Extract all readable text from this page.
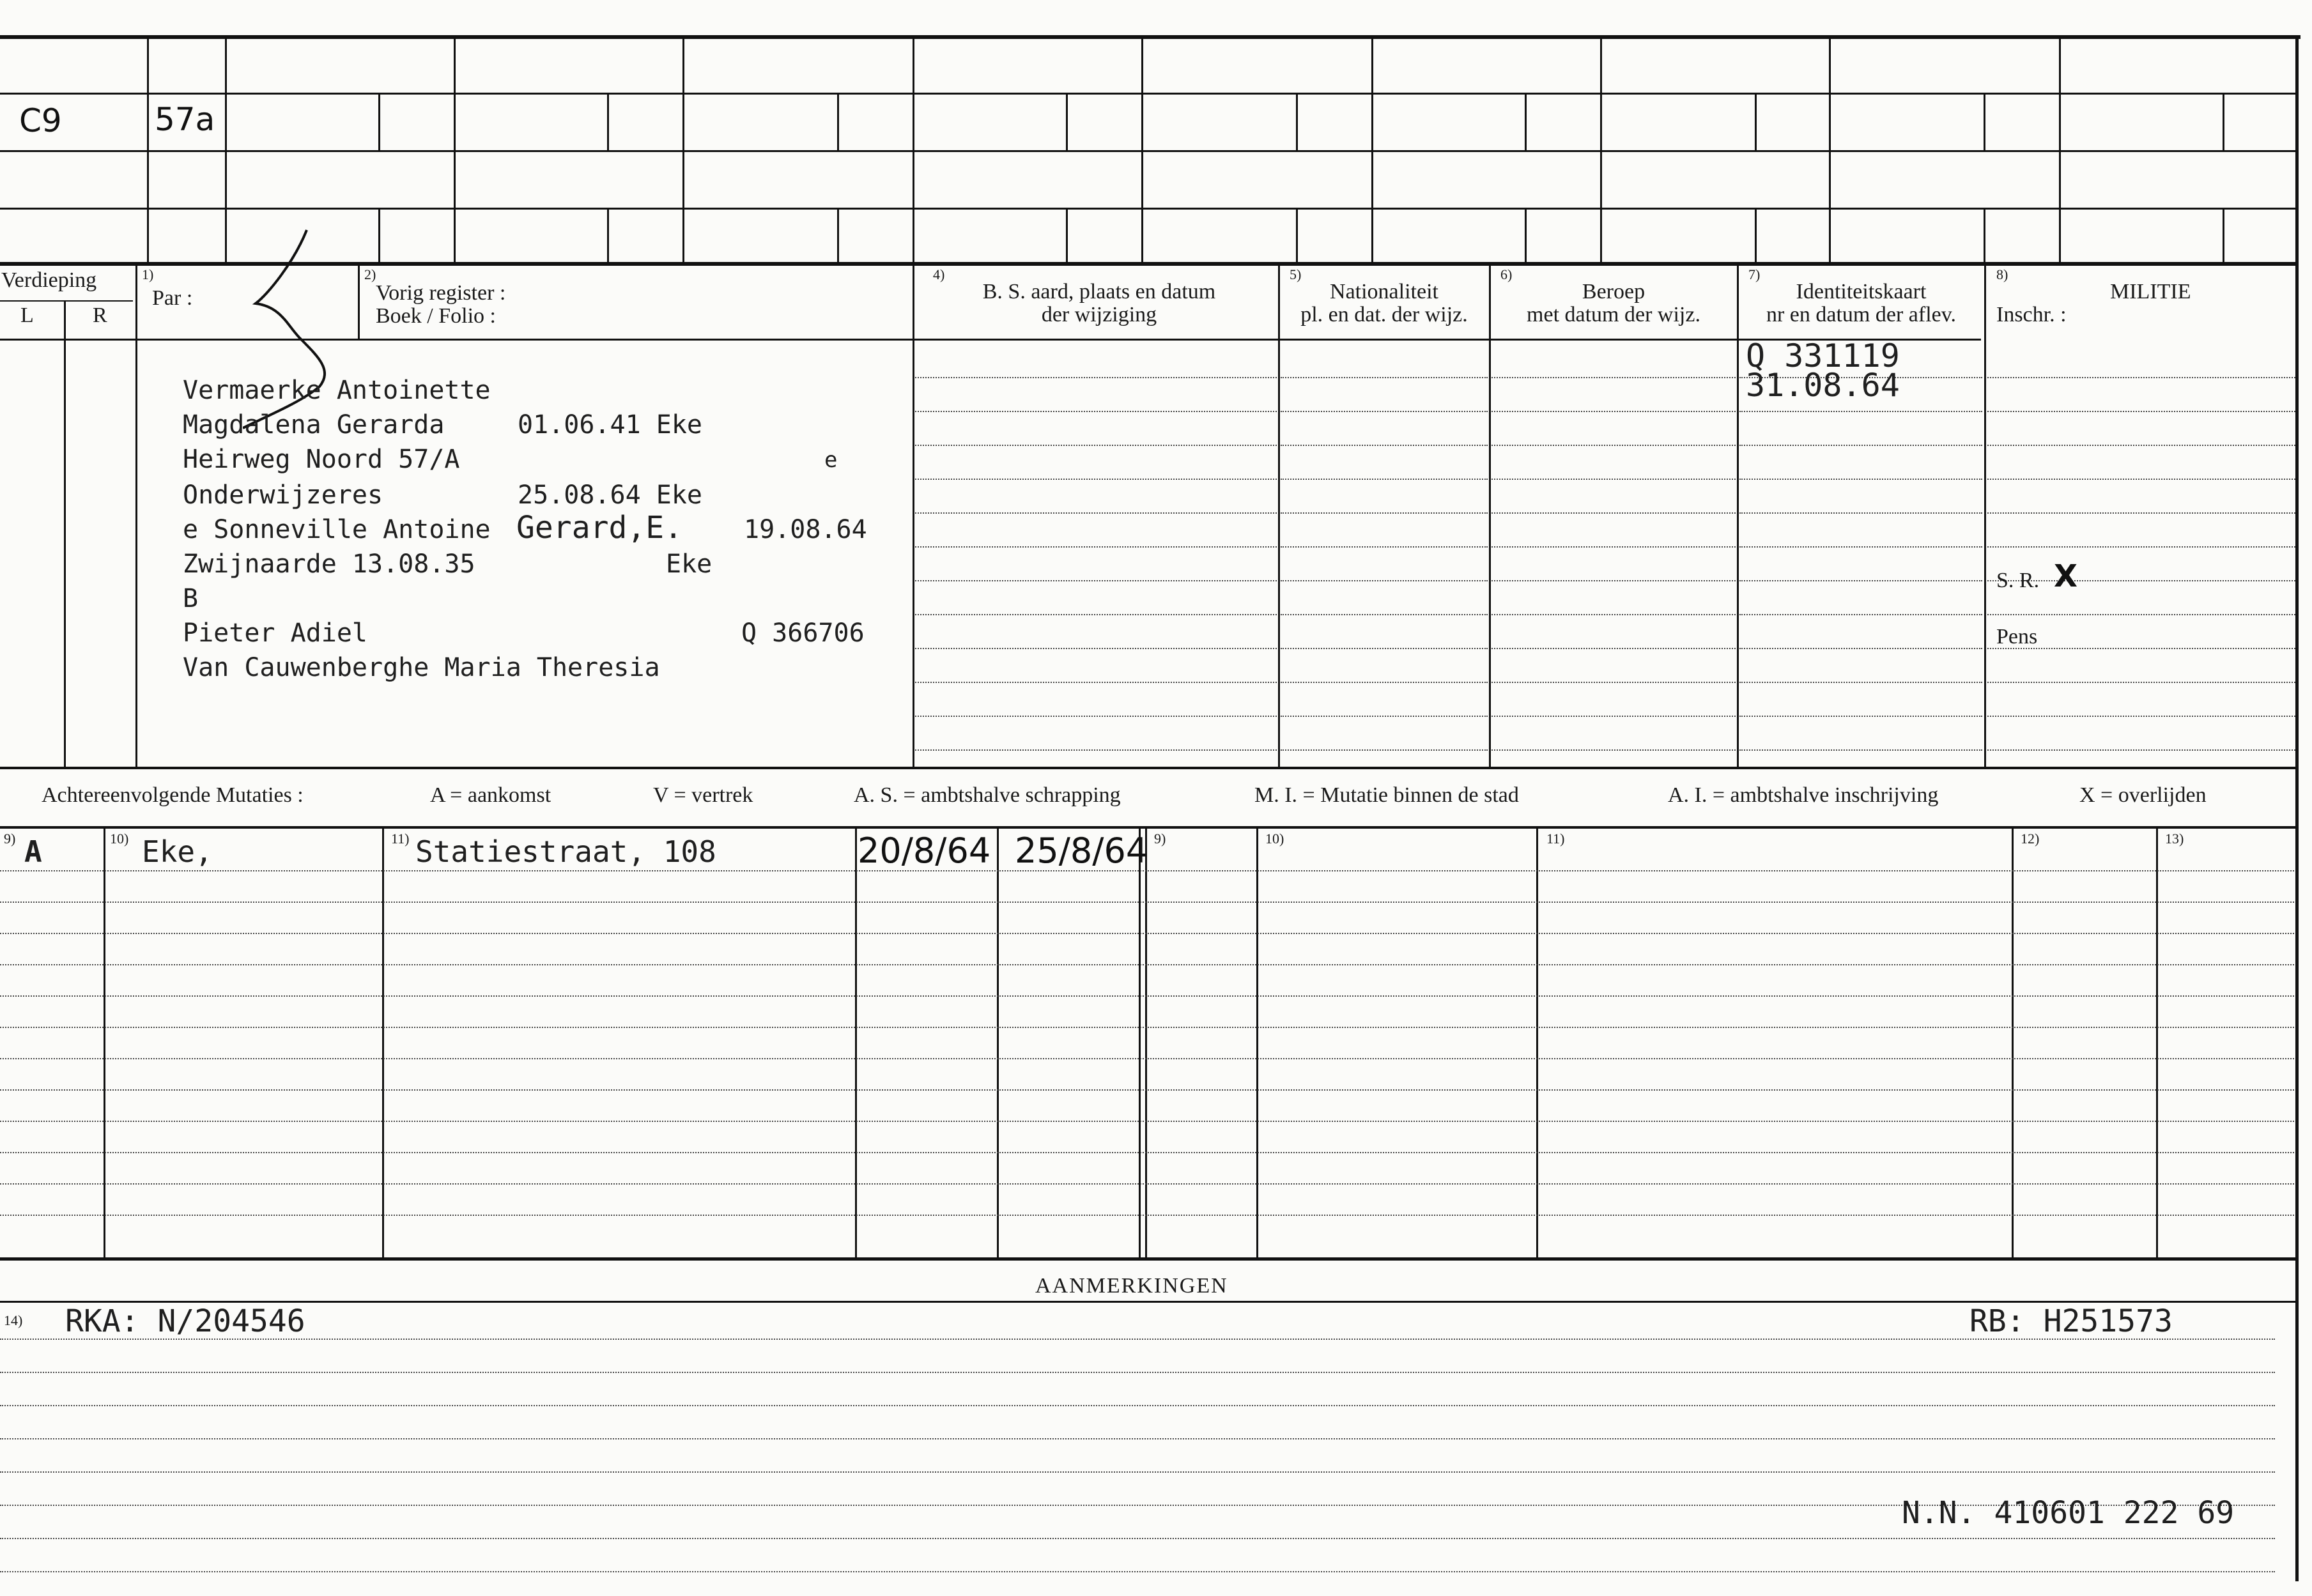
C9	57a
Verdieping
L	R
1)
Par :
2)
Vorig register :
Boek / Folio :
4)
B. S. aard, plaats en datum
der wijziging
5)
Nationaliteit
pl. en dat. der wijz.
6)
Beroep
met datum der wijz.
7)
Identiteitskaart
nr en datum der aflev.
8)
MILITIE
Inschr. :
S. R. X
Pens
Vermaerke Antoinette
Magdalena Gerarda	01.06.41 Eke
Heirweg Noord 57/A	e
Onderwijzeres	25.08.64 Eke
e Sonneville Antoine Gerard,E. 19.08.64
Zwijnaarde 13.08.35	Eke
B
Pieter Adiel	Q 366706
Van Cauwenberghe Maria Theresia
Q 331119
31.08.64
Achtereenvolgende Mutaties :	A = aankomst	V = vertrek	A. S. = ambtshalve schrapping	M. I. = Mutatie binnen de stad	A. I. = ambtshalve inschrijving	X = overlijden
9)	10)	11)	9)	10)	11)	12)	13)
A	Eke,	Statiestraat, 108	20/8/64 25/8/64
AANMERKINGEN
14) RKA: N/204546	RB: H251573
N.N. 410601 222 69
